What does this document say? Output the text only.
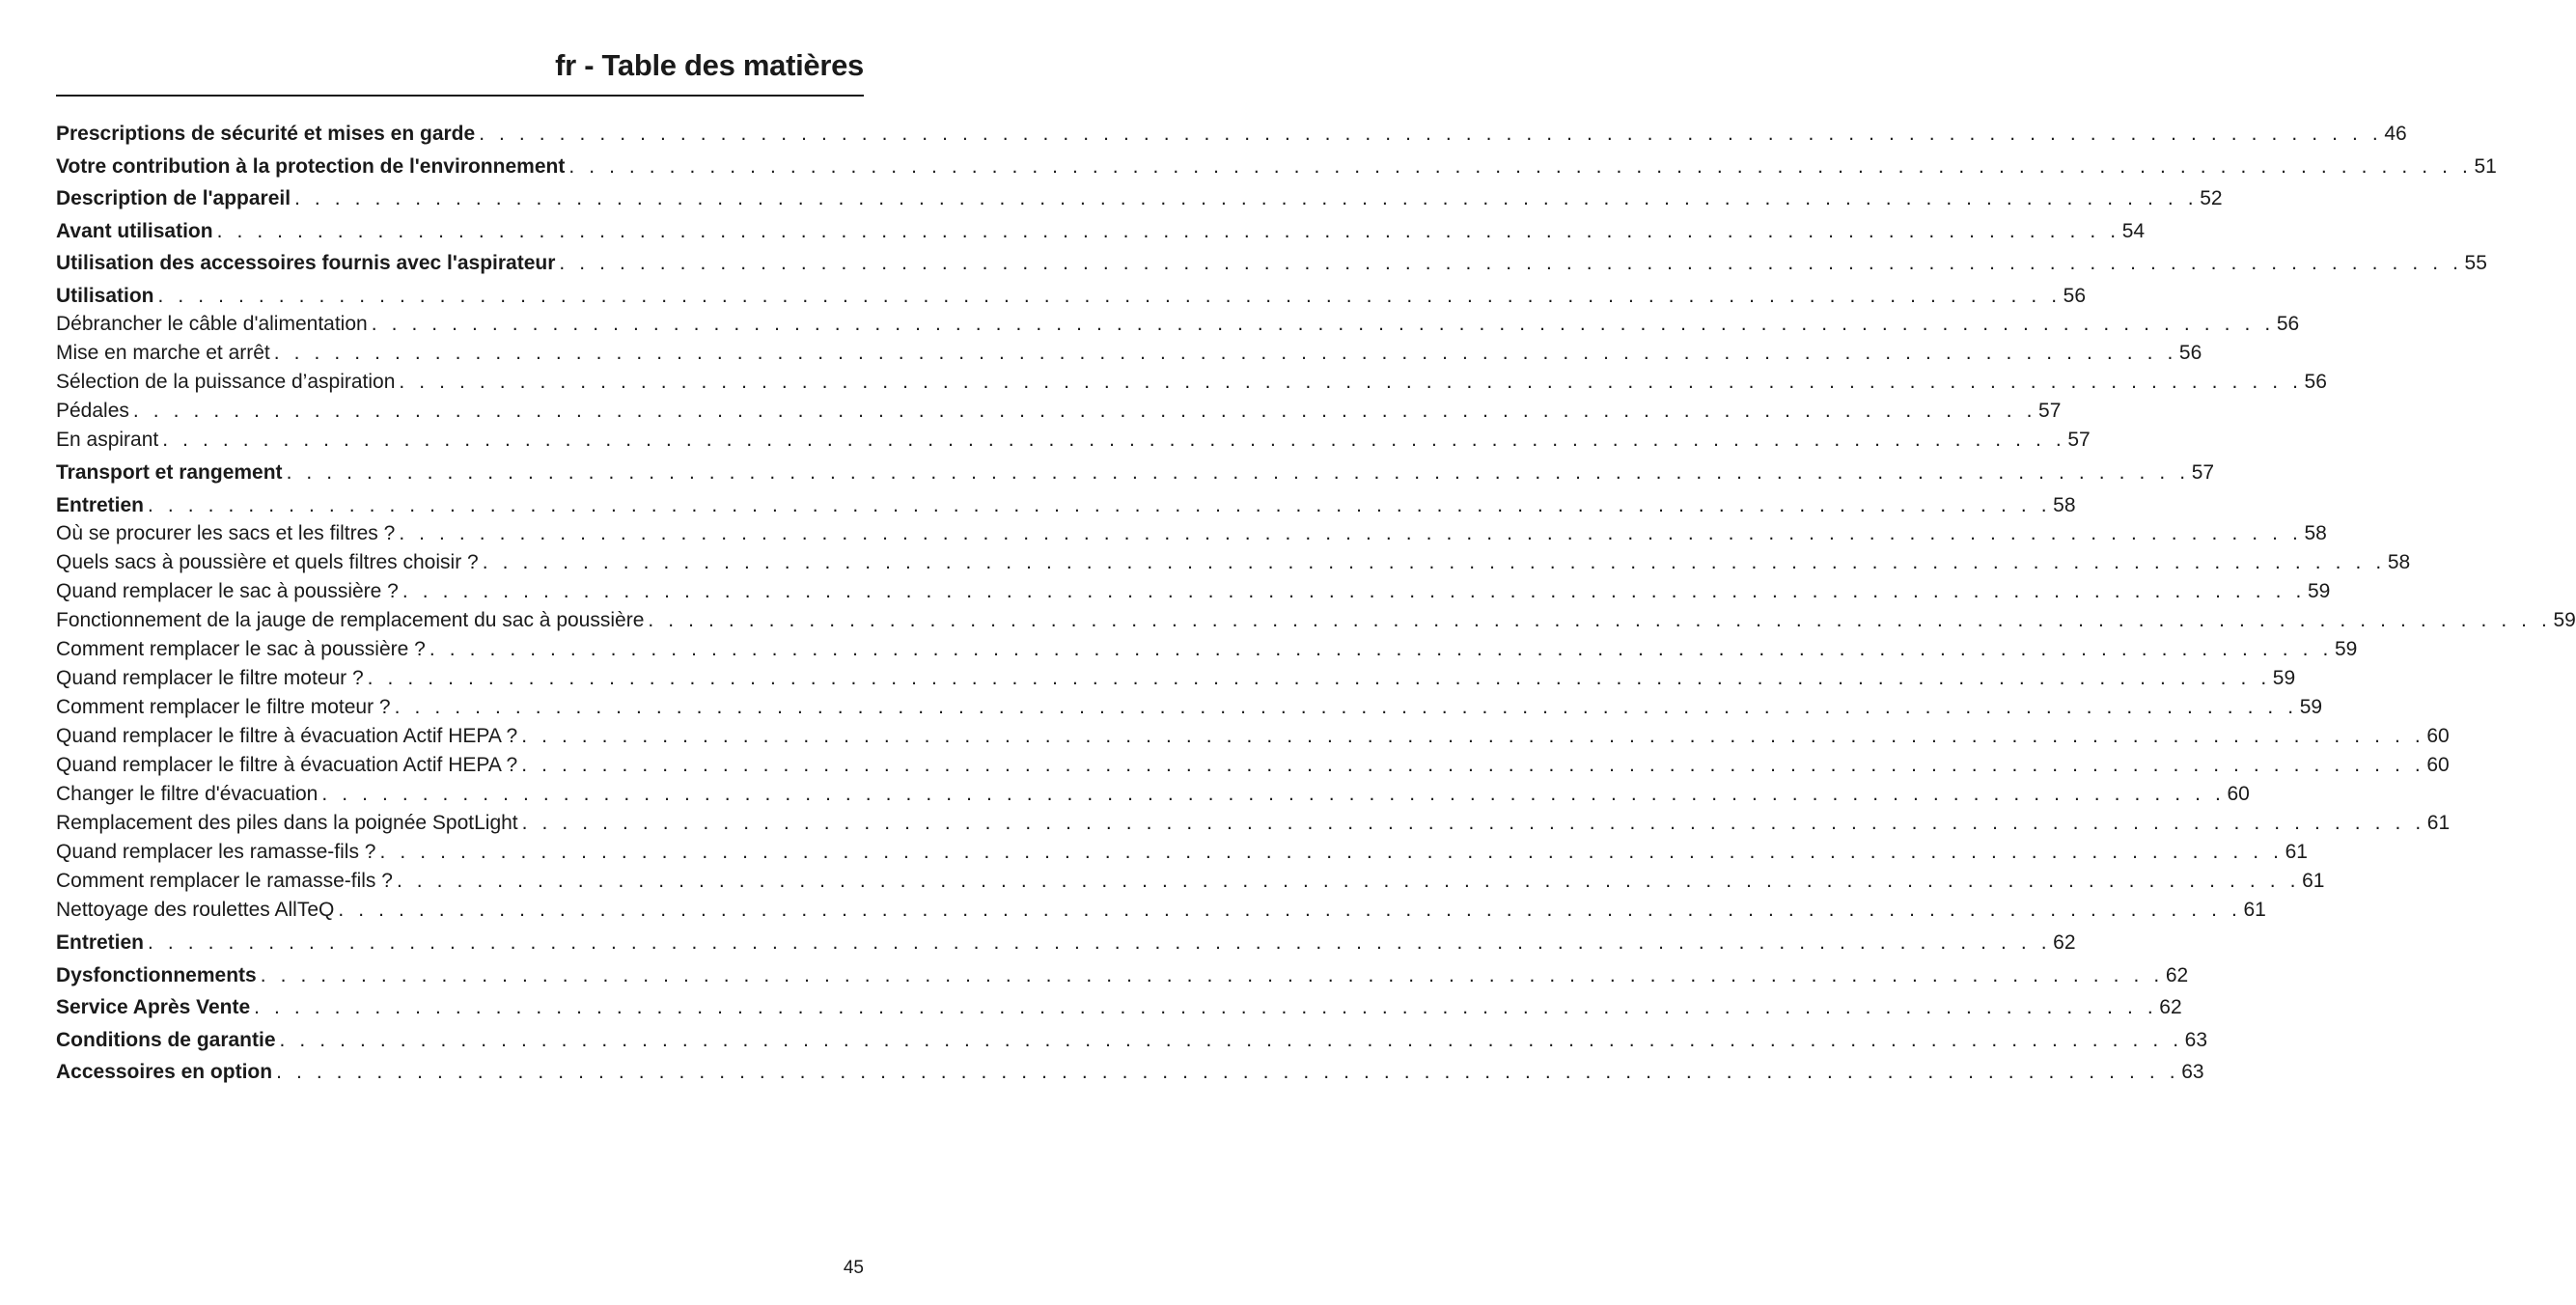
fr - Table des matières
Prescriptions de sécurité et mises en garde . . . . . . . . . . . . . . . . . . . . . . . . . . . . . . . . . . . . . . . . . . . . . . . . . . . . . . . . . . . . . . . . . . . . . . . . . . . . . . . . . . . . . . . . . . . . . . . 46
Votre contribution à la protection de l'environnement . . . . . . . . . . . . . . . . . . . . . . . . . . . . . . . . . . . . . . . . . . . . . . . . . . . . . . . . . . . . . . . . . . . . . . . . . . . . . . . . . . . . . . . . . . . . . . . 51
Description de l'appareil . . . . . . . . . . . . . . . . . . . . . . . . . . . . . . . . . . . . . . . . . . . . . . . . . . . . . . . . . . . . . . . . . . . . . . . . . . . . . . . . . . . . . . . . . . . . . . . 52
Avant utilisation . . . . . . . . . . . . . . . . . . . . . . . . . . . . . . . . . . . . . . . . . . . . . . . . . . . . . . . . . . . . . . . . . . . . . . . . . . . . . . . . . . . . . . . . . . . . . . . 54
Utilisation des accessoires fournis avec l'aspirateur . . . . . . . . . . . . . . . . . . . . . . . . . . . . . . . . . . . . . . . . . . . . . . . . . . . . . . . . . . . . . . . . . . . . . . . . . . . . . . . . . . . . . . . . . . . . . . . 55
Utilisation . . . . . . . . . . . . . . . . . . . . . . . . . . . . . . . . . . . . . . . . . . . . . . . . . . . . . . . . . . . . . . . . . . . . . . . . . . . . . . . . . . . . . . . . . . . . . . . 56
Débrancher le câble d'alimentation . . . . . . . . . . . . . . . . . . . . . . . . . . . . . . . . . . . . . . . . . . . . . . . . . . . . . . . . . . . . . . . . . . . . . . . . . . . . . . . . . . . . . . . . . . . . . . . 56
Mise en marche et arrêt . . . . . . . . . . . . . . . . . . . . . . . . . . . . . . . . . . . . . . . . . . . . . . . . . . . . . . . . . . . . . . . . . . . . . . . . . . . . . . . . . . . . . . . . . . . . . . . 56
Sélection de la puissance d’aspiration . . . . . . . . . . . . . . . . . . . . . . . . . . . . . . . . . . . . . . . . . . . . . . . . . . . . . . . . . . . . . . . . . . . . . . . . . . . . . . . . . . . . . . . . . . . . . . . 56
Pédales . . . . . . . . . . . . . . . . . . . . . . . . . . . . . . . . . . . . . . . . . . . . . . . . . . . . . . . . . . . . . . . . . . . . . . . . . . . . . . . . . . . . . . . . . . . . . . . 57
En aspirant . . . . . . . . . . . . . . . . . . . . . . . . . . . . . . . . . . . . . . . . . . . . . . . . . . . . . . . . . . . . . . . . . . . . . . . . . . . . . . . . . . . . . . . . . . . . . . . 57
Transport et rangement . . . . . . . . . . . . . . . . . . . . . . . . . . . . . . . . . . . . . . . . . . . . . . . . . . . . . . . . . . . . . . . . . . . . . . . . . . . . . . . . . . . . . . . . . . . . . . . 57
Entretien . . . . . . . . . . . . . . . . . . . . . . . . . . . . . . . . . . . . . . . . . . . . . . . . . . . . . . . . . . . . . . . . . . . . . . . . . . . . . . . . . . . . . . . . . . . . . . . 58
Où se procurer les sacs et les filtres ? . . . . . . . . . . . . . . . . . . . . . . . . . . . . . . . . . . . . . . . . . . . . . . . . . . . . . . . . . . . . . . . . . . . . . . . . . . . . . . . . . . . . . . . . . . . . . . . 58
Quels sacs à poussière et quels filtres choisir ? . . . . . . . . . . . . . . . . . . . . . . . . . . . . . . . . . . . . . . . . . . . . . . . . . . . . . . . . . . . . . . . . . . . . . . . . . . . . . . . . . . . . . . . . . . . . . . . 58
Quand remplacer le sac à poussière ? . . . . . . . . . . . . . . . . . . . . . . . . . . . . . . . . . . . . . . . . . . . . . . . . . . . . . . . . . . . . . . . . . . . . . . . . . . . . . . . . . . . . . . . . . . . . . . . 59
Fonctionnement de la jauge de remplacement du sac à poussière . . . . . . . . . . . . . . . . . . . . . . . . . . . . . . . . . . . . . . . . . . . . . . . . . . . . . . . . . . . . . . . . . . . . . . . . . . . . . . . . . . . . . . . . . . . . . . . 59
Comment remplacer le sac à poussière ? . . . . . . . . . . . . . . . . . . . . . . . . . . . . . . . . . . . . . . . . . . . . . . . . . . . . . . . . . . . . . . . . . . . . . . . . . . . . . . . . . . . . . . . . . . . . . . . 59
Quand remplacer le filtre moteur ? . . . . . . . . . . . . . . . . . . . . . . . . . . . . . . . . . . . . . . . . . . . . . . . . . . . . . . . . . . . . . . . . . . . . . . . . . . . . . . . . . . . . . . . . . . . . . . . 59
Comment remplacer le filtre moteur ? . . . . . . . . . . . . . . . . . . . . . . . . . . . . . . . . . . . . . . . . . . . . . . . . . . . . . . . . . . . . . . . . . . . . . . . . . . . . . . . . . . . . . . . . . . . . . . . 59
Quand remplacer le filtre à évacuation Actif HEPA ? . . . . . . . . . . . . . . . . . . . . . . . . . . . . . . . . . . . . . . . . . . . . . . . . . . . . . . . . . . . . . . . . . . . . . . . . . . . . . . . . . . . . . . . . . . . . . . . 60
Quand remplacer le filtre à évacuation Actif HEPA ? . . . . . . . . . . . . . . . . . . . . . . . . . . . . . . . . . . . . . . . . . . . . . . . . . . . . . . . . . . . . . . . . . . . . . . . . . . . . . . . . . . . . . . . . . . . . . . . 60
Changer le filtre d'évacuation . . . . . . . . . . . . . . . . . . . . . . . . . . . . . . . . . . . . . . . . . . . . . . . . . . . . . . . . . . . . . . . . . . . . . . . . . . . . . . . . . . . . . . . . . . . . . . . 60
Remplacement des piles dans la poignée SpotLight . . . . . . . . . . . . . . . . . . . . . . . . . . . . . . . . . . . . . . . . . . . . . . . . . . . . . . . . . . . . . . . . . . . . . . . . . . . . . . . . . . . . . . . . . . . . . . . 61
Quand remplacer les ramasse-fils ? . . . . . . . . . . . . . . . . . . . . . . . . . . . . . . . . . . . . . . . . . . . . . . . . . . . . . . . . . . . . . . . . . . . . . . . . . . . . . . . . . . . . . . . . . . . . . . . 61
Comment remplacer le ramasse-fils ? . . . . . . . . . . . . . . . . . . . . . . . . . . . . . . . . . . . . . . . . . . . . . . . . . . . . . . . . . . . . . . . . . . . . . . . . . . . . . . . . . . . . . . . . . . . . . . . 61
Nettoyage des roulettes AllTeQ . . . . . . . . . . . . . . . . . . . . . . . . . . . . . . . . . . . . . . . . . . . . . . . . . . . . . . . . . . . . . . . . . . . . . . . . . . . . . . . . . . . . . . . . . . . . . . . 61
Entretien . . . . . . . . . . . . . . . . . . . . . . . . . . . . . . . . . . . . . . . . . . . . . . . . . . . . . . . . . . . . . . . . . . . . . . . . . . . . . . . . . . . . . . . . . . . . . . . 62
Dysfonctionnements . . . . . . . . . . . . . . . . . . . . . . . . . . . . . . . . . . . . . . . . . . . . . . . . . . . . . . . . . . . . . . . . . . . . . . . . . . . . . . . . . . . . . . . . . . . . . . . 62
Service Après Vente . . . . . . . . . . . . . . . . . . . . . . . . . . . . . . . . . . . . . . . . . . . . . . . . . . . . . . . . . . . . . . . . . . . . . . . . . . . . . . . . . . . . . . . . . . . . . . . 62
Conditions de garantie . . . . . . . . . . . . . . . . . . . . . . . . . . . . . . . . . . . . . . . . . . . . . . . . . . . . . . . . . . . . . . . . . . . . . . . . . . . . . . . . . . . . . . . . . . . . . . . 63
Accessoires en option . . . . . . . . . . . . . . . . . . . . . . . . . . . . . . . . . . . . . . . . . . . . . . . . . . . . . . . . . . . . . . . . . . . . . . . . . . . . . . . . . . . . . . . . . . . . . . . 63
45
